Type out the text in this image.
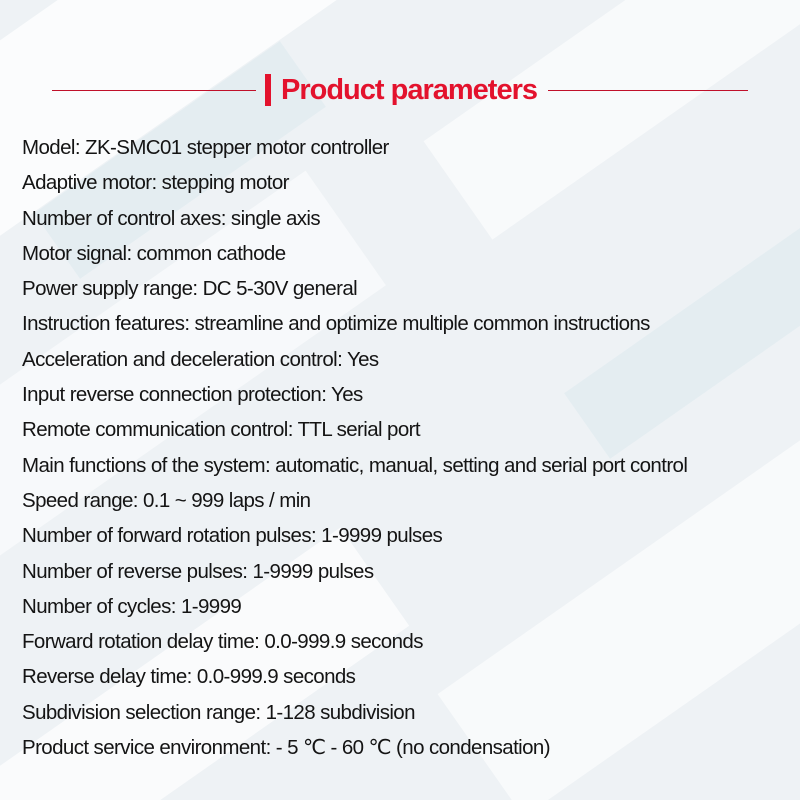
Product parameters
Model: ZK-SMC01 stepper motor controller
Adaptive motor: stepping motor
Number of control axes: single axis
Motor signal: common cathode
Power supply range: DC 5-30V general
Instruction features: streamline and optimize multiple common instructions
Acceleration and deceleration control: Yes
Input reverse connection protection: Yes
Remote communication control: TTL serial port
Main functions of the system: automatic, manual, setting and serial port control
Speed range: 0.1 ~ 999 laps / min
Number of forward rotation pulses: 1-9999 pulses
Number of reverse pulses: 1-9999 pulses
Number of cycles: 1-9999
Forward rotation delay time: 0.0-999.9 seconds
Reverse delay time: 0.0-999.9 seconds
Subdivision selection range: 1-128 subdivision
Product service environment: - 5 ℃ - 60 ℃ (no condensation)
